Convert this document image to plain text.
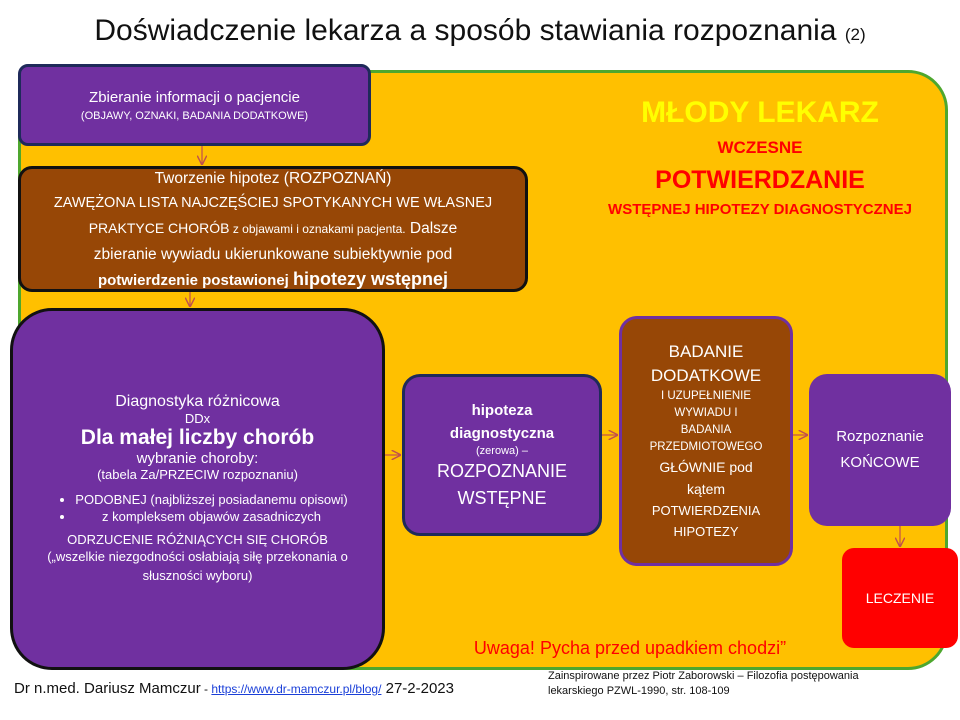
Doświadczenie lekarza a sposób stawiania rozpoznania (2)
Zbieranie informacji o pacjencie
(OBJAWY, OZNAKI, BADANIA DODATKOWE)
Tworzenie hipotez (ROZPOZNAŃ)
ZAWĘŻONA LISTA NAJCZĘŚCIEJ SPOTYKANYCH WE WŁASNEJ
PRAKTYCE CHORÓB z objawami i oznakami pacjenta. Dalsze
zbieranie wywiadu ukierunkowane subiektywnie pod
potwierdzenie postawionej hipotezy wstępnej
Diagnostyka różnicowa
DDx
Dla małej liczby chorób
wybranie choroby:
(tabela Za/PRZECIW rozpoznaniu)
• PODOBNEJ (najbliższej posiadanemu opisowi)
• z kompleksem objawów zasadniczych
ODRZUCENIE RÓŻNIĄCYCH SIĘ CHORÓB
(„wszelkie niezgodności osłabiają siłę przekonania o słuszności wyboru)
hipoteza
diagnostyczna
(zerowa) –
ROZPOZNANIE
WSTĘPNE
BADANIE
DODATKOWE
I UZUPEŁNIENIE
WYWIADU I
BADANIA
PRZEDMIOTOWEGO
GŁÓWNIE pod
kątem
POTWIERDZENIA
HIPOTEZY
Rozpoznanie
KOŃCOWE
LECZENIE
MŁODY LEKARZ
WCZESNE
POTWIERDZANIE
WSTĘPNEJ HIPOTEZY DIAGNOSTYCZNEJ
Uwaga! Pycha przed upadkiem chodzi”
Dr n.med. Dariusz Mamczur - https://www.dr-mamczur.pl/blog/ 27-2-2023
Zainspirowane przez Piotr Zaborowski – Filozofia postępowania
lekarskiego PZWL-1990, str. 108-109
